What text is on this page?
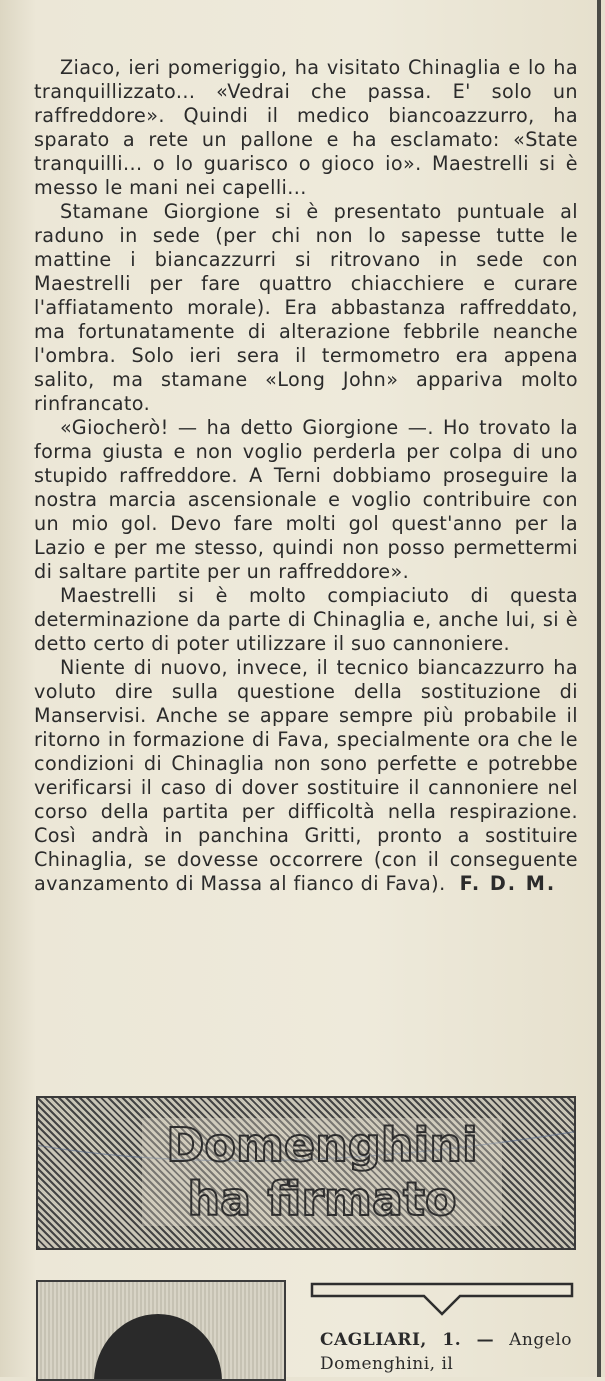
Ziaco, ieri pomeriggio, ha visitato Chinaglia e lo ha tranquillizzato... «Vedrai che passa. E' solo un raffreddore». Quindi il medico biancoazzurro, ha sparato a rete un pallone e ha esclamato: «State tranquilli... o lo guarisco o gioco io». Maestrelli si è messo le mani nei capelli...

Stamane Giorgione si è presentato puntuale al raduno in sede (per chi non lo sapesse tutte le mattine i biancazzurri si ritrovano in sede con Maestrelli per fare quattro chiacchiere e curare l'affiatamento morale). Era abbastanza raffreddato, ma fortunatamente di alterazione febbrile neanche l'ombra. Solo ieri sera il termometro era appena salito, ma stamane «Long John» appariva molto rinfrancato.

«Giocherò! — ha detto Giorgione —. Ho trovato la forma giusta e non voglio perderla per colpa di uno stupido raffreddore. A Terni dobbiamo proseguire la nostra marcia ascensionale e voglio contribuire con un mio gol. Devo fare molti gol quest'anno per la Lazio e per me stesso, quindi non posso permettermi di saltare partite per un raffreddore».

Maestrelli si è molto compiaciuto di questa determinazione da parte di Chinaglia e, anche lui, si è detto certo di poter utilizzare il suo cannoniere.

Niente di nuovo, invece, il tecnico biancazzurro ha voluto dire sulla questione della sostituzione di Manservisi. Anche se appare sempre più probabile il ritorno in formazione di Fava, specialmente ora che le condizioni di Chinaglia non sono perfette e potrebbe verificarsi il caso di dover sostituire il cannoniere nel corso della partita per difficoltà nella respirazione. Così andrà in panchina Gritti, pronto a sostituire Chinaglia, se dovesse occorrere (con il conseguente avanzamento di Massa al fianco di Fava). F. D. M.

Domenghini
ha firmato

CAGLIARI, 1. — Angelo Domenghini, il
